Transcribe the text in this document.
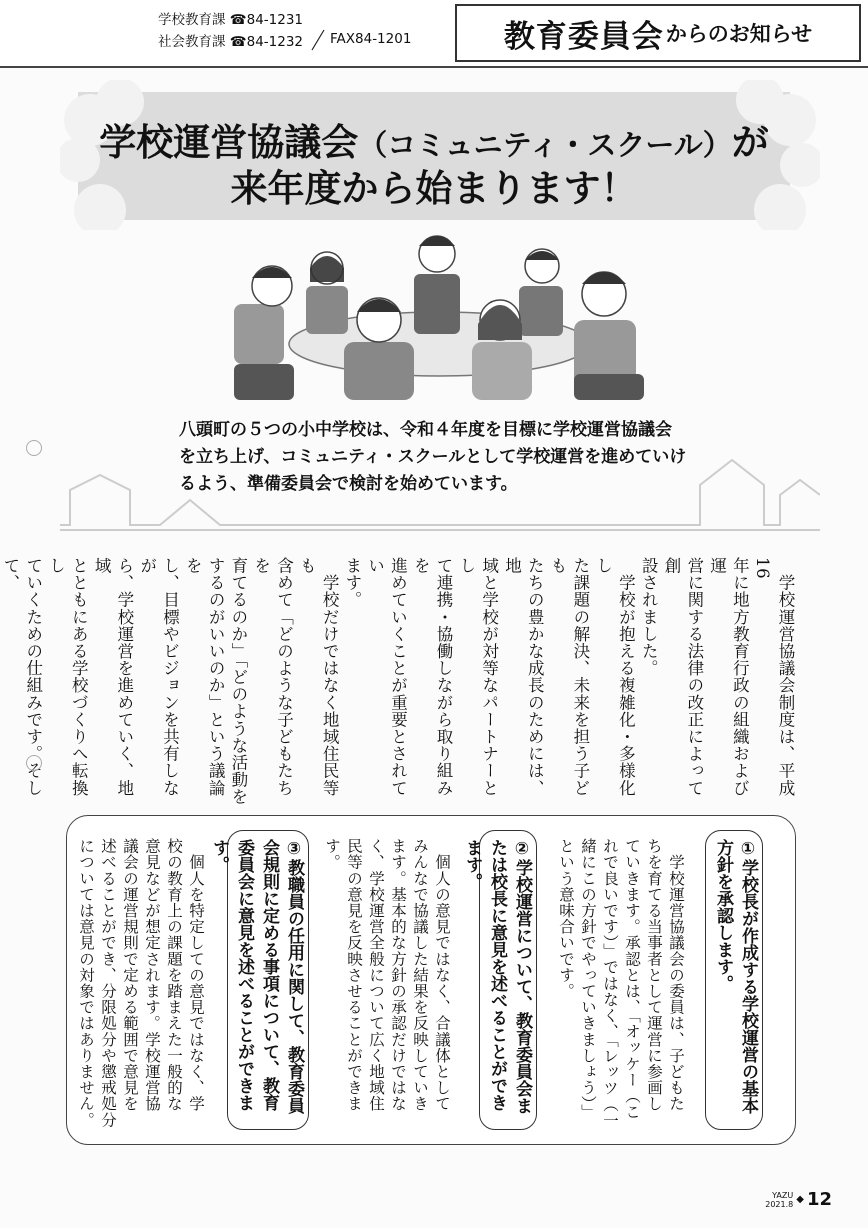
学校教育課 ☎84-1231
社会教育課 ☎84-1232 FAX84-1201	教育委員会 からのお知らせ
学校運営協議会（コミュニティ・スクール）が
来年度から始まります！
八頭町の５つの小中学校は、令和４年度を目標に学校運営協議会
を立ち上げ、コミュニティ・スクールとして学校運営を進めていけ
るよう、準備委員会で検討を始めています。
　学校運営協議会制度は、平成16
年に地方教育行政の組織および運
営に関する法律の改正によって創
設されました。
　学校が抱える複雑化・多様化し
た課題の解決、未来を担う子ども
たちの豊かな成長のためには、地
域と学校が対等なパートナーとし
て連携・協働しながら取り組みを
進めていくことが重要とされてい
ます。
　学校だけではなく地域住民等も
含めて「どのような子どもたちを
育てるのか」「どのような活動を
するのがいいのか」という議論を
し、目標やビジョンを共有しなが
ら、学校運営を進めていく、地域
とともにある学校づくりへ転換し
ていくための仕組みです。そして、
①学校長が作成する学校運営の基本方針を承認します。
　学校運営協議会の委員は、子どもた
ちを育てる当事者として運営に参画し
ていきます。承認とは、「オッケー（こ
れで良いです）」ではなく、「レッツ（一
緒にこの方針でやっていきましょう）」
という意味合いです。
②学校運営について、教育委員会または校長に意見を述べることができます。
　個人の意見ではなく、合議体として
みんなで協議した結果を反映していき
ます。基本的な方針の承認だけではな
く、学校運営全般について広く地域住
民等の意見を反映させることができま
す。
③教職員の任用に関して、教育委員会規則に定める事項について、教育委員会に意見を述べることができます。
　個人を特定しての意見ではなく、学
校の教育上の課題を踏まえた一般的な
意見などが想定されます。学校運営協
議会の運営規則で定める範囲で意見を
述べることができ、分限処分や懲戒処分
については意見の対象ではありません。
YAZU
2021.8 ◆ 12
